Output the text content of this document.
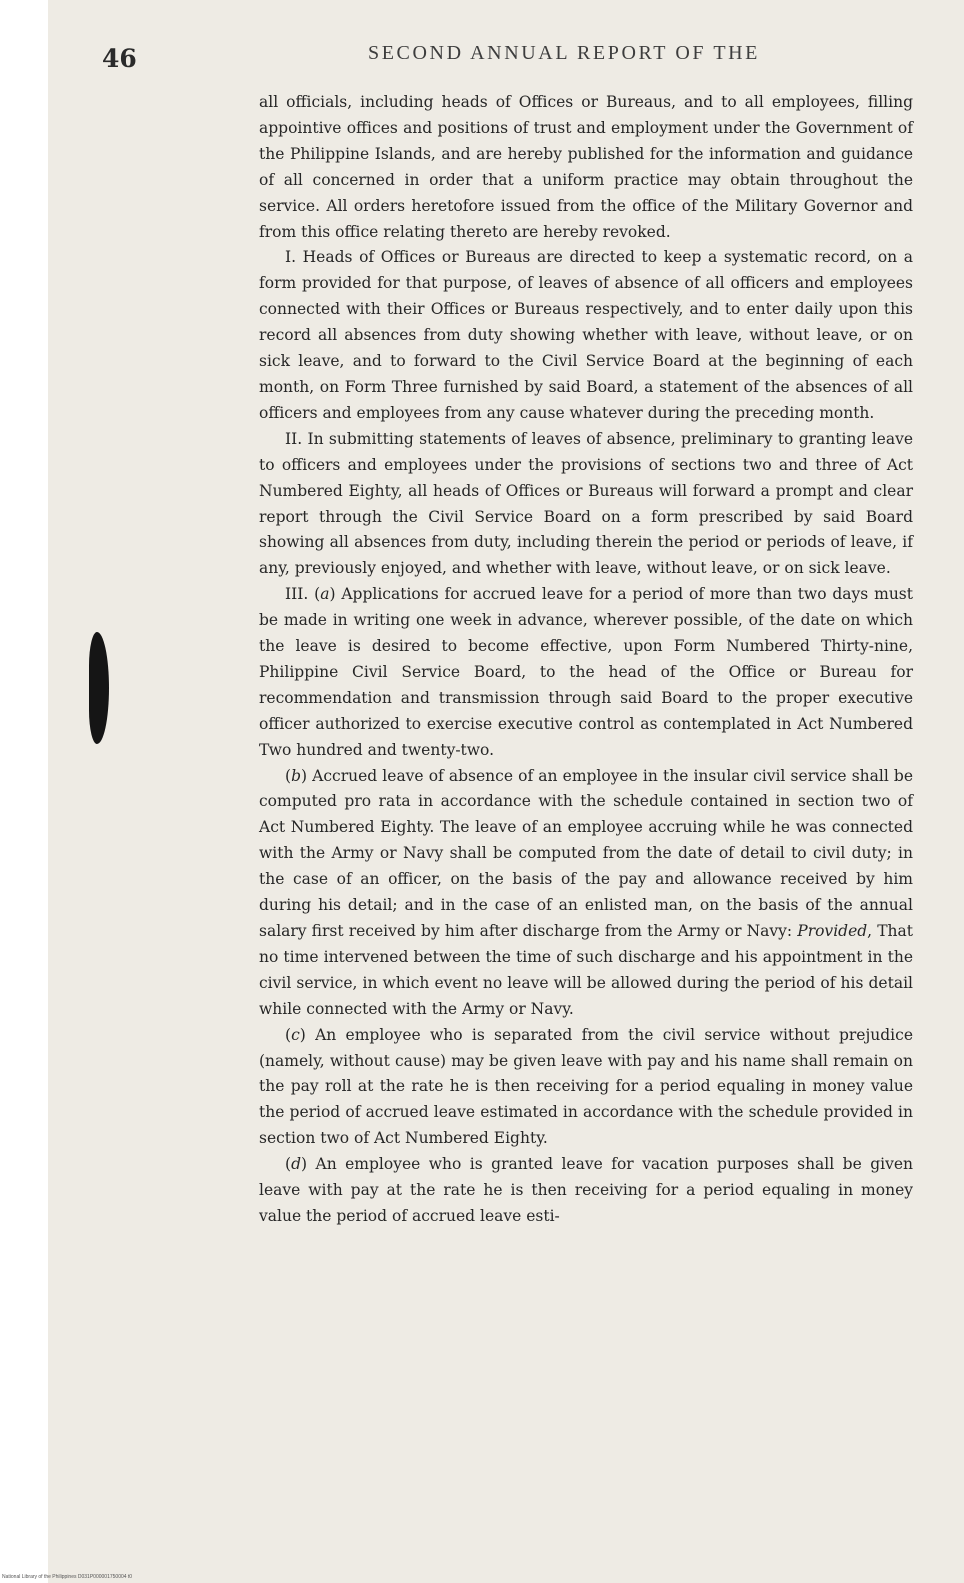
46	SECOND ANNUAL REPORT OF THE

all officials, including heads of Offices or Bureaus, and to all employees, filling appointive offices and positions of trust and employment under the Government of the Philippine Islands, and are hereby published for the information and guidance of all concerned in order that a uniform practice may obtain throughout the service. All orders heretofore issued from the office of the Military Governor and from this office relating thereto are hereby revoked.

I. Heads of Offices or Bureaus are directed to keep a systematic record, on a form provided for that purpose, of leaves of absence of all officers and employees connected with their Offices or Bureaus respectively, and to enter daily upon this record all absences from duty showing whether with leave, without leave, or on sick leave, and to forward to the Civil Service Board at the beginning of each month, on Form Three furnished by said Board, a statement of the absences of all officers and employees from any cause whatever during the preceding month.

II. In submitting statements of leaves of absence, preliminary to granting leave to officers and employees under the provisions of sections two and three of Act Numbered Eighty, all heads of Offices or Bureaus will forward a prompt and clear report through the Civil Service Board on a form prescribed by said Board showing all absences from duty, including therein the period or periods of leave, if any, previously enjoyed, and whether with leave, without leave, or on sick leave.

III. (a) Applications for accrued leave for a period of more than two days must be made in writing one week in advance, wherever possible, of the date on which the leave is desired to become effective, upon Form Numbered Thirty-nine, Philippine Civil Service Board, to the head of the Office or Bureau for recommendation and transmission through said Board to the proper executive officer authorized to exercise executive control as contemplated in Act Numbered Two hundred and twenty-two.

(b) Accrued leave of absence of an employee in the insular civil service shall be computed pro rata in accordance with the schedule contained in section two of Act Numbered Eighty. The leave of an employee accruing while he was connected with the Army or Navy shall be computed from the date of detail to civil duty; in the case of an officer, on the basis of the pay and allowance received by him during his detail; and in the case of an enlisted man, on the basis of the annual salary first received by him after discharge from the Army or Navy: Provided, That no time intervened between the time of such discharge and his appointment in the civil service, in which event no leave will be allowed during the period of his detail while connected with the Army or Navy.

(c) An employee who is separated from the civil service without prejudice (namely, without cause) may be given leave with pay and his name shall remain on the pay roll at the rate he is then receiving for a period equaling in money value the period of accrued leave estimated in accordance with the schedule provided in section two of Act Numbered Eighty.

(d) An employee who is granted leave for vacation purposes shall be given leave with pay at the rate he is then receiving for a period equaling in money value the period of accrued leave esti-

National Library of the Philippines D031P000001750004 t0
